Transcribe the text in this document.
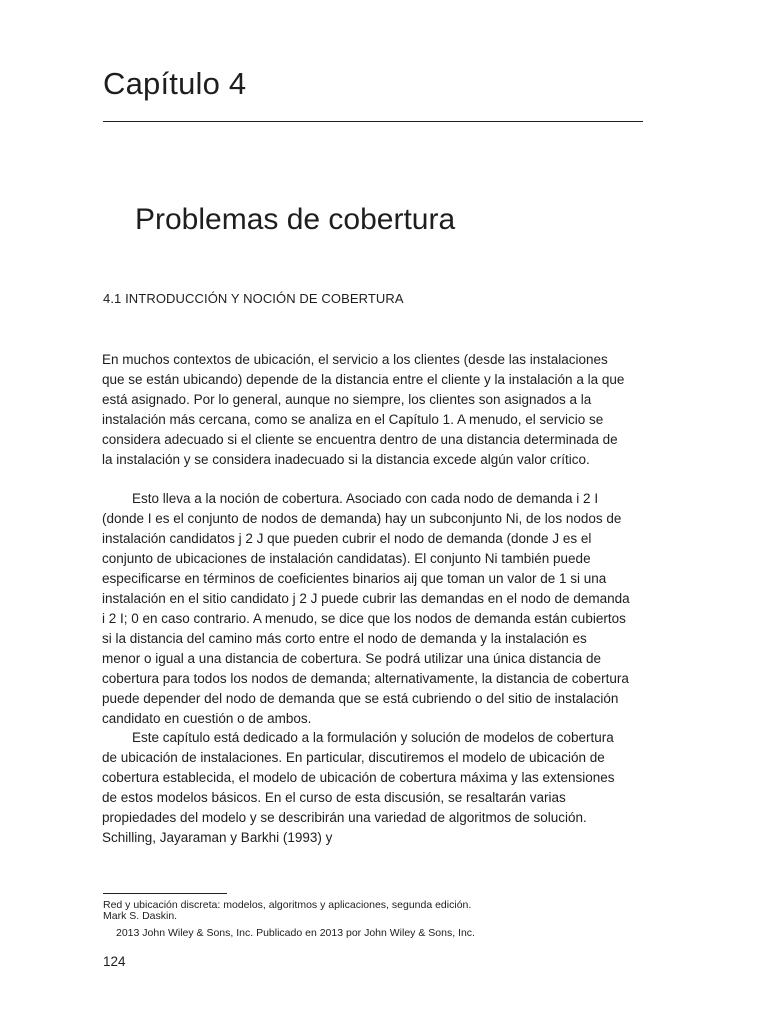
Capítulo 4
Problemas de cobertura
4.1 INTRODUCCIÓN Y NOCIÓN DE COBERTURA
En muchos contextos de ubicación, el servicio a los clientes (desde las instalaciones
que se están ubicando) depende de la distancia entre el cliente y la instalación a la que
está asignado. Por lo general, aunque no siempre, los clientes son asignados a la
instalación más cercana, como se analiza en el Capítulo 1. A menudo, el servicio se
considera adecuado si el cliente se encuentra dentro de una distancia determinada de
la instalación y se considera inadecuado si la distancia excede algún valor crítico.
Esto lleva a la noción de cobertura. Asociado con cada nodo de demanda i 2 I
(donde I es el conjunto de nodos de demanda) hay un subconjunto Ni, de los nodos de
instalación candidatos j 2 J que pueden cubrir el nodo de demanda (donde J es el
conjunto de ubicaciones de instalación candidatas). El conjunto Ni también puede
especificarse en términos de coeficientes binarios aij que toman un valor de 1 si una
instalación en el sitio candidato j 2 J puede cubrir las demandas en el nodo de demanda
i 2 I; 0 en caso contrario. A menudo, se dice que los nodos de demanda están cubiertos
si la distancia del camino más corto entre el nodo de demanda y la instalación es
menor o igual a una distancia de cobertura. Se podrá utilizar una única distancia de
cobertura para todos los nodos de demanda; alternativamente, la distancia de cobertura
puede depender del nodo de demanda que se está cubriendo o del sitio de instalación
candidato en cuestión o de ambos.
Este capítulo está dedicado a la formulación y solución de modelos de cobertura
de ubicación de instalaciones. En particular, discutiremos el modelo de ubicación de
cobertura establecida, el modelo de ubicación de cobertura máxima y las extensiones
de estos modelos básicos. En el curso de esta discusión, se resaltarán varias
propiedades del modelo y se describirán una variedad de algoritmos de solución.
Schilling, Jayaraman y Barkhi (1993) y

Red y ubicación discreta: modelos, algoritmos y aplicaciones, segunda edición.

Mark S. Daskin.

2013 John Wiley & Sons, Inc. Publicado en 2013 por John Wiley & Sons, Inc.

124
